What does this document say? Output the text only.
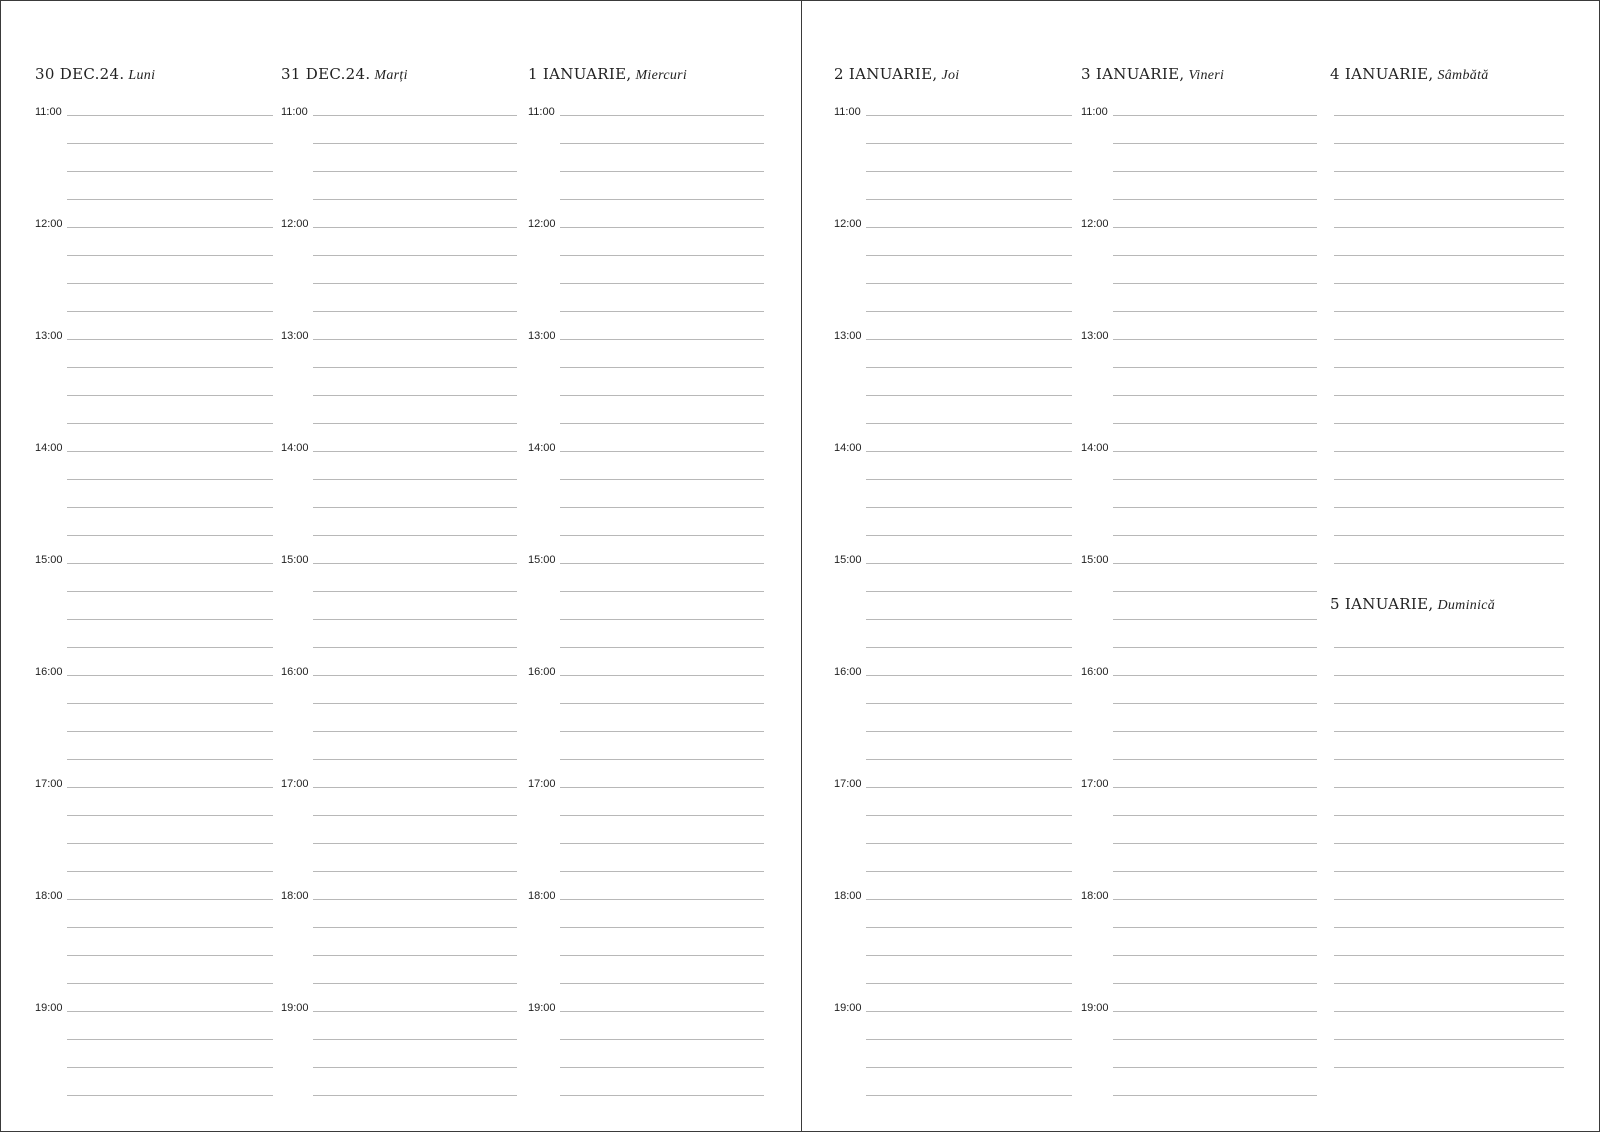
30 DEC.24. Luni
11:00
12:00
13:00
14:00
15:00
16:00
17:00
18:00
19:00
31 DEC.24. Marți
11:00
12:00
13:00
14:00
15:00
16:00
17:00
18:00
19:00
1 IANUARIE, Miercuri
11:00
12:00
13:00
14:00
15:00
16:00
17:00
18:00
19:00
2 IANUARIE, Joi
11:00
12:00
13:00
14:00
15:00
16:00
17:00
18:00
19:00
3 IANUARIE, Vineri
11:00
12:00
13:00
14:00
15:00
16:00
17:00
18:00
19:00
4 IANUARIE, Sâmbătă
5 IANUARIE, Duminică
